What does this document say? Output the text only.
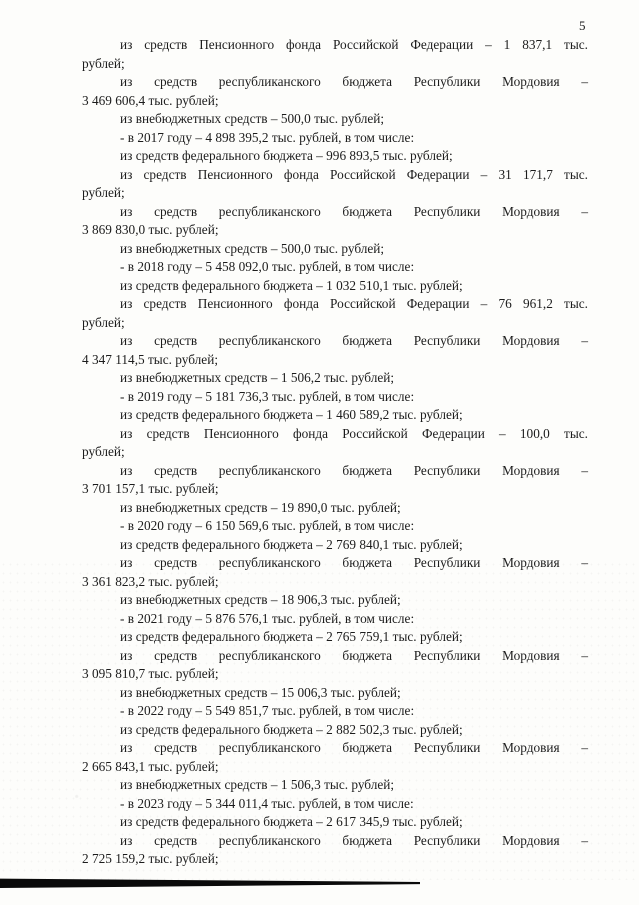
5
из средств Пенсионного фонда Российской Федерации – 1 837,1 тыс.
рублей;
из средств республиканского бюджета Республики Мордовия –
3 469 606,4 тыс. рублей;
из внебюджетных средств – 500,0 тыс. рублей;
- в 2017 году – 4 898 395,2 тыс. рублей, в том числе:
из средств федерального бюджета – 996 893,5 тыс. рублей;
из средств Пенсионного фонда Российской Федерации – 31 171,7 тыс.
рублей;
из средств республиканского бюджета Республики Мордовия –
3 869 830,0 тыс. рублей;
из внебюджетных средств – 500,0 тыс. рублей;
- в 2018 году – 5 458 092,0 тыс. рублей, в том числе:
из средств федерального бюджета – 1 032 510,1 тыс. рублей;
из средств Пенсионного фонда Российской Федерации – 76 961,2 тыс.
рублей;
из средств республиканского бюджета Республики Мордовия –
4 347 114,5 тыс. рублей;
из внебюджетных средств – 1 506,2 тыс. рублей;
- в 2019 году – 5 181 736,3 тыс. рублей, в том числе:
из средств федерального бюджета – 1 460 589,2 тыс. рублей;
из средств Пенсионного фонда Российской Федерации – 100,0 тыс.
рублей;
из средств республиканского бюджета Республики Мордовия –
3 701 157,1 тыс. рублей;
из внебюджетных средств – 19 890,0 тыс. рублей;
- в 2020 году – 6 150 569,6 тыс. рублей, в том числе:
из средств федерального бюджета – 2 769 840,1 тыс. рублей;
из средств республиканского бюджета Республики Мордовия –
3 361 823,2 тыс. рублей;
из внебюджетных средств – 18 906,3 тыс. рублей;
- в 2021 году – 5 876 576,1 тыс. рублей, в том числе:
из средств федерального бюджета – 2 765 759,1 тыс. рублей;
из средств республиканского бюджета Республики Мордовия –
3 095 810,7 тыс. рублей;
из внебюджетных средств – 15 006,3 тыс. рублей;
- в 2022 году – 5 549 851,7 тыс. рублей, в том числе:
из средств федерального бюджета – 2 882 502,3 тыс. рублей;
из средств республиканского бюджета Республики Мордовия –
2 665 843,1 тыс. рублей;
из внебюджетных средств – 1 506,3 тыс. рублей;
- в 2023 году – 5 344 011,4 тыс. рублей, в том числе:
из средств федерального бюджета – 2 617 345,9 тыс. рублей;
из средств республиканского бюджета Республики Мордовия –
2 725 159,2 тыс. рублей;
